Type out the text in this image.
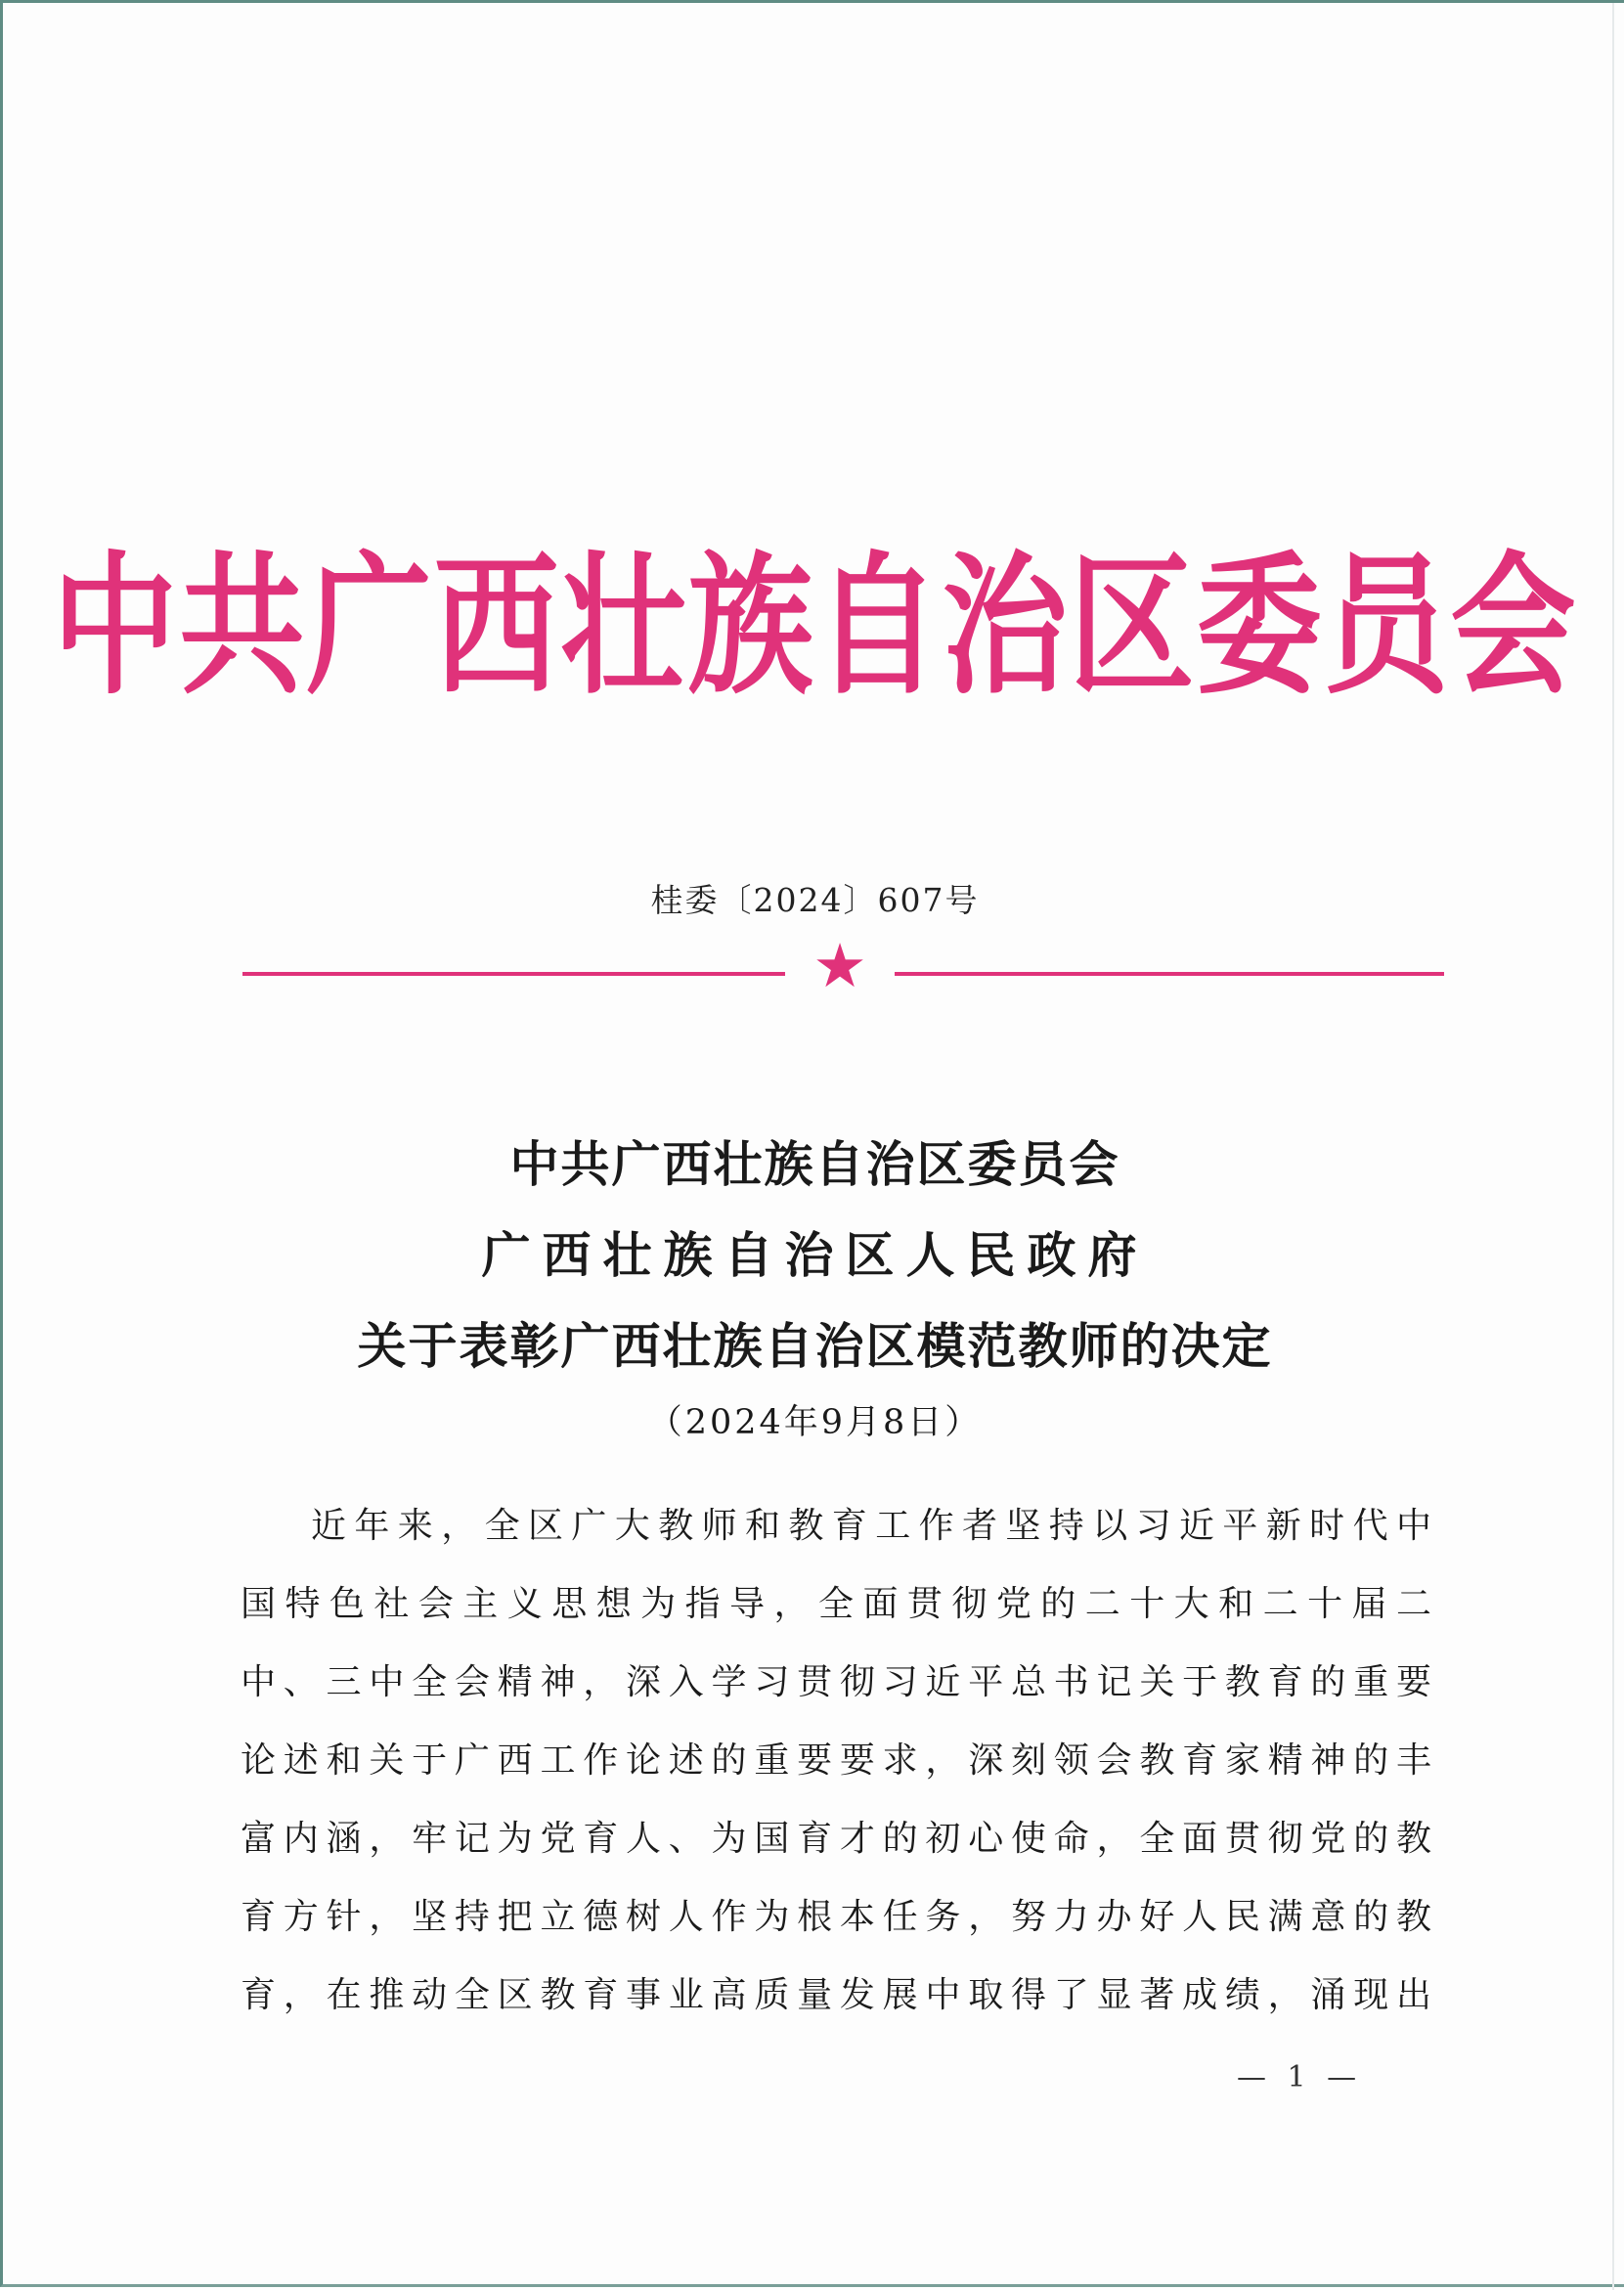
中共广西壮族自治区委员会
桂委〔2024〕607号
★
中共广西壮族自治区委员会
广西壮族自治区人民政府
关于表彰广西壮族自治区模范教师的决定
（2024年9月8日）
近年来，全区广大教师和教育工作者坚持以习近平新时代中
国特色社会主义思想为指导，全面贯彻党的二十大和二十届二
中、三中全会精神，深入学习贯彻习近平总书记关于教育的重要
论述和关于广西工作论述的重要要求，深刻领会教育家精神的丰
富内涵，牢记为党育人、为国育才的初心使命，全面贯彻党的教
育方针，坚持把立德树人作为根本任务，努力办好人民满意的教
育，在推动全区教育事业高质量发展中取得了显著成绩，涌现出
— 1 —
